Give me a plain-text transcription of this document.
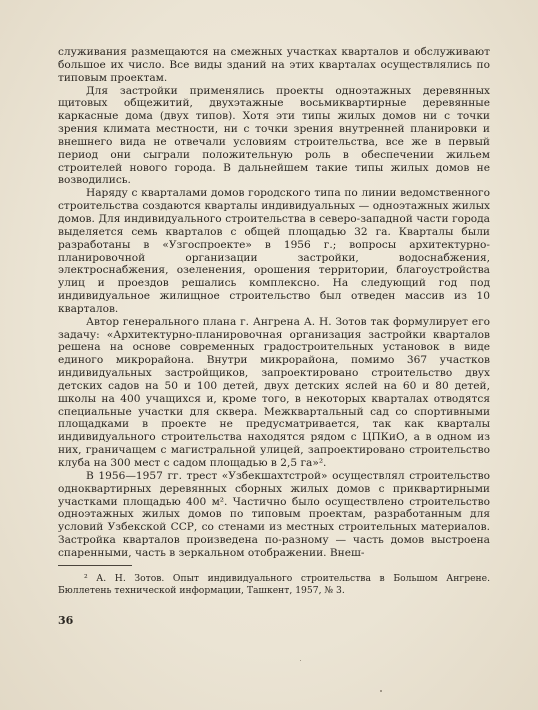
служивания размещаются на смежных участках кварталов и обслуживают большое их число. Все виды зданий на этих кварталах осуществлялись по типовым проектам.

Для застройки применялись проекты одноэтажных деревянных щитовых общежитий, двухэтажные восьмиквартирные деревянные каркасные дома (двух типов). Хотя эти типы жилых домов ни с точки зрения климата местности, ни с точки зрения внутренней планировки и внешнего вида не отвечали условиям строительства, все же в первый период они сыграли положительную роль в обеспечении жильем строителей нового города. В дальнейшем такие типы жилых домов не возводились.

Наряду с кварталами домов городского типа по линии ведомственного строительства создаются кварталы индивидуальных — одноэтажных жилых домов. Для индивидуального строительства в северо-западной части города выделяется семь кварталов с общей площадью 32 га. Кварталы были разработаны в «Узгоспроекте» в 1956 г.; вопросы архитектурно-планировочной организации застройки, водоснабжения, электроснабжения, озеленения, орошения территории, благоустройства улиц и проездов решались комплексно. На следующий год под индивидуальное жилищное строительство был отведен массив из 10 кварталов.

Автор генерального плана г. Ангрена А. Н. Зотов так формулирует его задачу: «Архитектурно-планировочная организация застройки кварталов решена на основе современных градостроительных установок в виде единого микрорайона. Внутри микрорайона, помимо 367 участков индивидуальных застройщиков, запроектировано строительство двух детских садов на 50 и 100 детей, двух детских яслей на 60 и 80 детей, школы на 400 учащихся и, кроме того, в некоторых кварталах отводятся специальные участки для сквера. Межквартальный сад со спортивными площадками в проекте не предусматривается, так как кварталы индивидуального строительства находятся рядом с ЦПКиО, а в одном из них, граничащем с магистральной улицей, запроектировано строительство клуба на 300 мест с садом площадью в 2,5 га»².

В 1956—1957 гг. трест «Узбекшахтстрой» осуществлял строительство одноквартирных деревянных сборных жилых домов с приквартирными участками площадью 400 м². Частично было осуществлено строительство одноэтажных жилых домов по типовым проектам, разработанным для условий Узбекской ССР, со стенами из местных строительных материалов. Застройка кварталов произведена по-разному — часть домов выстроена спаренными, часть в зеркальном отображении. Внеш-

² А. Н. Зотов. Опыт индивидуального строительства в Большом Ангрене. Бюллетень технической информации, Ташкент, 1957, № 3.

36
